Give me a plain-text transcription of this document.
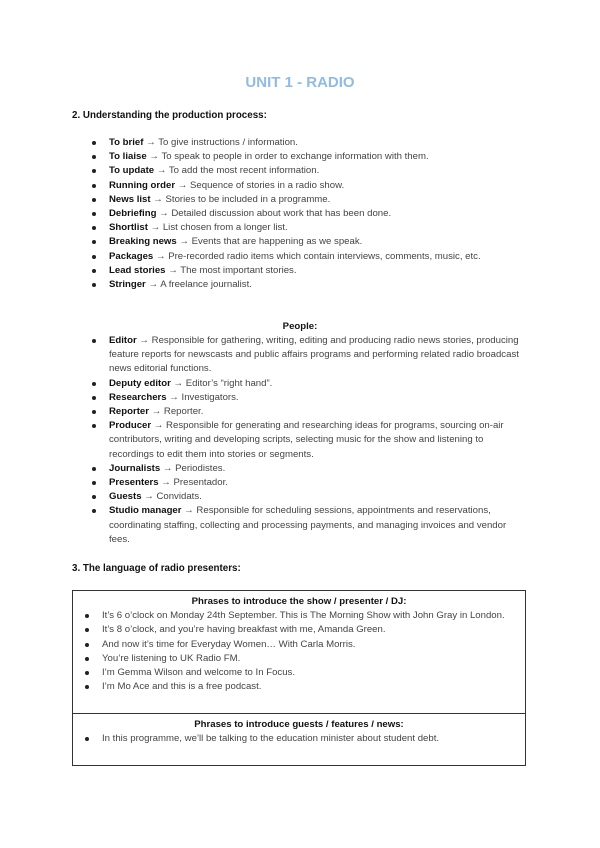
UNIT 1 - RADIO
2. Understanding the production process:
To brief → To give instructions / information.
To liaise → To speak to people in order to exchange information with them.
To update → To add the most recent information.
Running order → Sequence of stories in a radio show.
News list → Stories to be included in a programme.
Debriefing → Detailed discussion about work that has been done.
Shortlist → List chosen from a longer list.
Breaking news → Events that are happening as we speak.
Packages → Pre-recorded radio items which contain interviews, comments, music, etc.
Lead stories → The most important stories.
Stringer → A freelance journalist.
People:
Editor → Responsible for gathering, writing, editing and producing radio news stories, producing feature reports for newscasts and public affairs programs and performing related radio broadcast news editorial functions.
Deputy editor → Editor’s “right hand”.
Researchers → Investigators.
Reporter → Reporter.
Producer → Responsible for generating and researching ideas for programs, sourcing on-air contributors, writing and developing scripts, selecting music for the show and listening to recordings to edit them into stories or segments.
Journalists → Periodistes.
Presenters → Presentador.
Guests → Convidats.
Studio manager → Responsible for scheduling sessions, appointments and reservations, coordinating staffing, collecting and processing payments, and managing invoices and vendor fees.
3. The language of radio presenters:
Phrases to introduce the show / presenter / DJ:
It’s 6 o’clock on Monday 24th September. This is The Morning Show with John Gray in London.
It’s 8 o’clock, and you’re having breakfast with me, Amanda Green.
And now it’s time for Everyday Women… With Carla Morris.
You’re listening to UK Radio FM.
I’m Gemma Wilson and welcome to In Focus.
I’m Mo Ace and this is a free podcast.
Phrases to introduce guests / features / news:
In this programme, we’ll be talking to the education minister about student debt.
